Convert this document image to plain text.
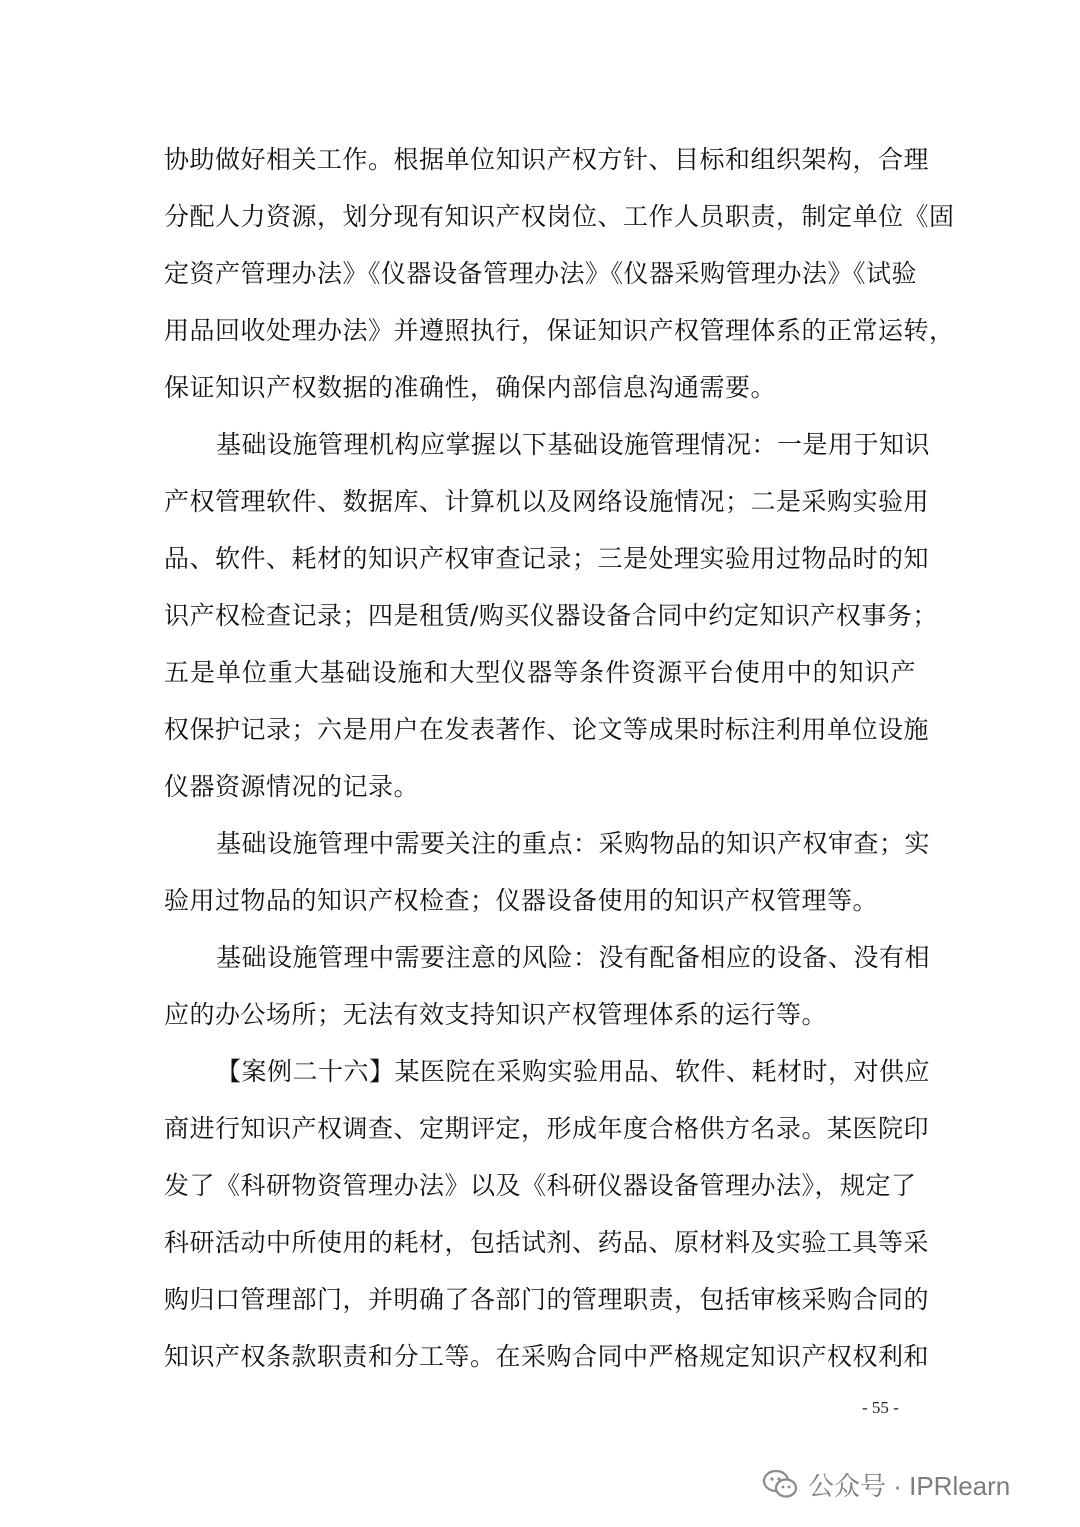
协助做好相关工作。根据单位知识产权方针、目标和组织架构，合理
分配人力资源，划分现有知识产权岗位、工作人员职责，制定单位《固
定资产管理办法》《仪器设备管理办法》《仪器采购管理办法》《试验
用品回收处理办法》并遵照执行，保证知识产权管理体系的正常运转，
保证知识产权数据的准确性，确保内部信息沟通需要。
基础设施管理机构应掌握以下基础设施管理情况：一是用于知识
产权管理软件、数据库、计算机以及网络设施情况；二是采购实验用
品、软件、耗材的知识产权审查记录；三是处理实验用过物品时的知
识产权检查记录；四是租赁/购买仪器设备合同中约定知识产权事务；
五是单位重大基础设施和大型仪器等条件资源平台使用中的知识产
权保护记录；六是用户在发表著作、论文等成果时标注利用单位设施
仪器资源情况的记录。
基础设施管理中需要关注的重点：采购物品的知识产权审查；实
验用过物品的知识产权检查；仪器设备使用的知识产权管理等。
基础设施管理中需要注意的风险：没有配备相应的设备、没有相
应的办公场所；无法有效支持知识产权管理体系的运行等。
【案例二十六】某医院在采购实验用品、软件、耗材时，对供应
商进行知识产权调查、定期评定，形成年度合格供方名录。某医院印
发了《科研物资管理办法》以及《科研仪器设备管理办法》，规定了
科研活动中所使用的耗材，包括试剂、药品、原材料及实验工具等采
购归口管理部门，并明确了各部门的管理职责，包括审核采购合同的
知识产权条款职责和分工等。在采购合同中严格规定知识产权权利和
- 55 -
公众号 · IPRlearn
